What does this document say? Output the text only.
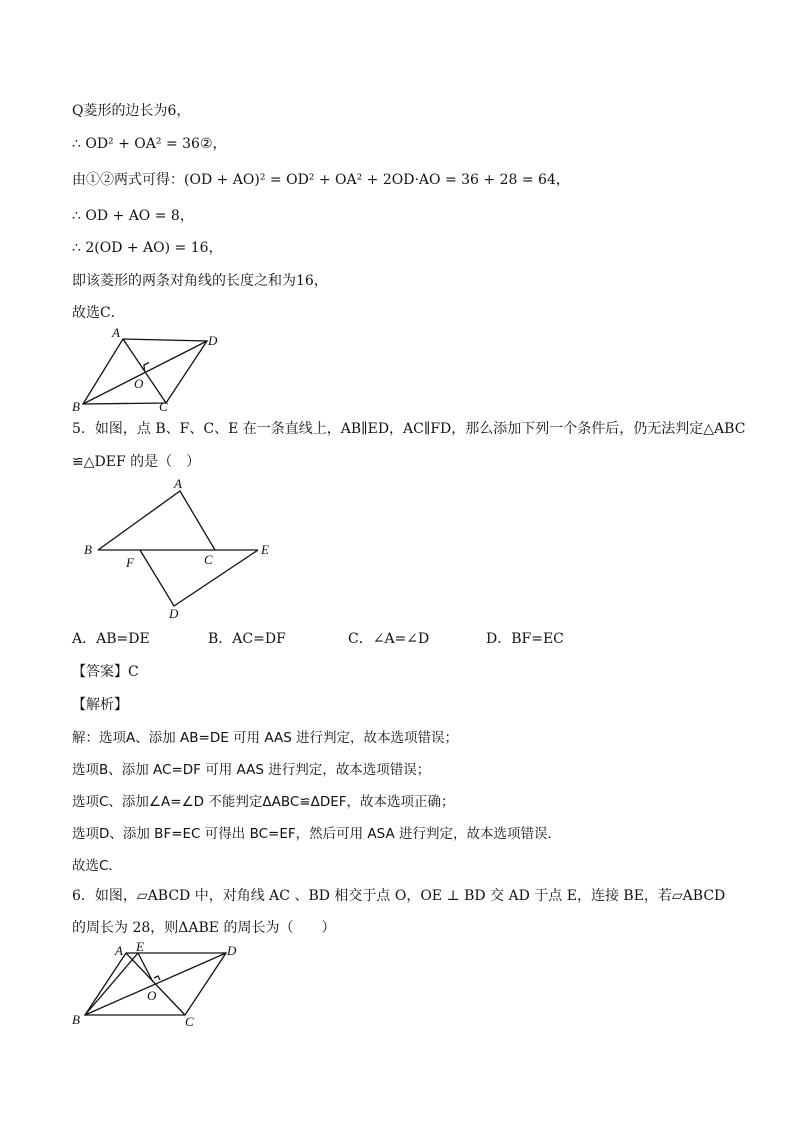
Q菱形的边长为6，
∴ OD² + OA² = 36②，
由①②两式可得：(OD + AO)² = OD² + OA² + 2OD·AO = 36 + 28 = 64，
∴ OD + AO = 8，
∴ 2(OD + AO) = 16，
即该菱形的两条对角线的长度之和为16，
故选C．
A
D
O
B	C
5．如图，点 B、F、C、E 在一条直线上，AB∥ED，AC∥FD，那么添加下列一个条件后，仍无法判定△ABC
≌△DEF 的是（　）
A
B	E
F	C
D
A．AB=DE	B．AC=DF	C．∠A=∠D	D．BF=EC
【答案】C
【解析】
解：选项A、添加 AB=DE 可用 AAS 进行判定，故本选项错误；
选项B、添加 AC=DF 可用 AAS 进行判定，故本选项错误；
选项C、添加∠A=∠D 不能判定ΔABC≌ΔDEF，故本选项正确；
选项D、添加 BF=EC 可得出 BC=EF，然后可用 ASA 进行判定，故本选项错误．
故选C．
6．如图，▱ABCD 中，对角线 AC 、BD 相交于点 O，OE ⊥ BD 交 AD 于点 E，连接 BE，若▱ABCD
的周长为 28，则ΔABE 的周长为（　　）
A E	D
O
B	C
